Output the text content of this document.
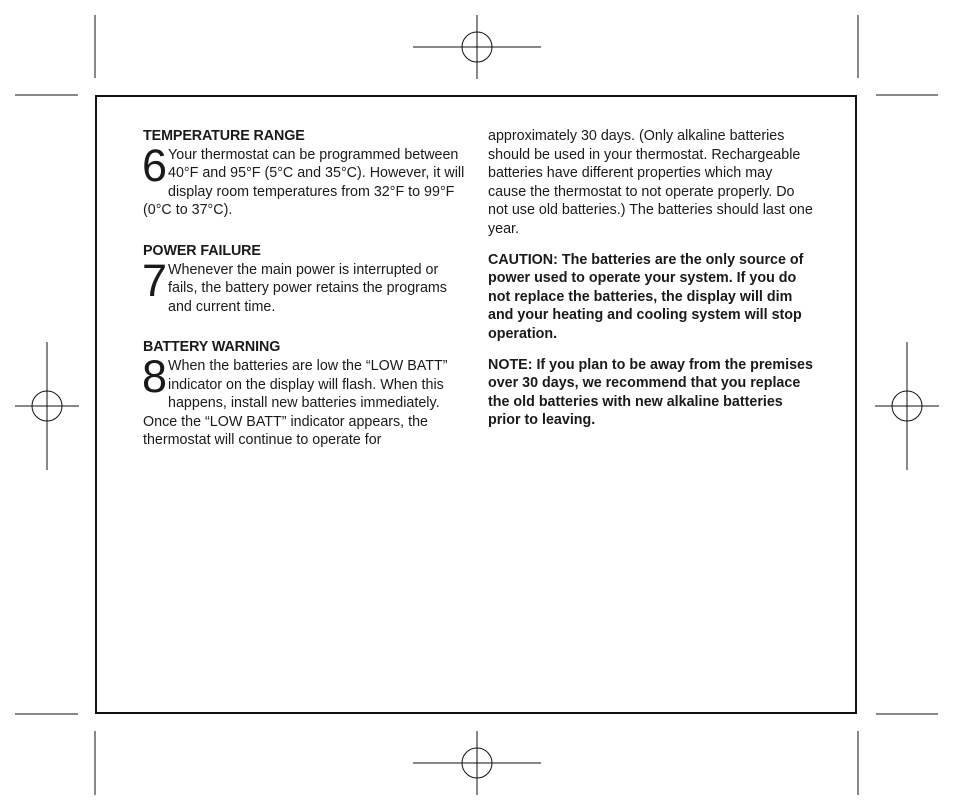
TEMPERATURE RANGE
6 Your thermostat can be programmed between 40°F and 95°F (5°C and 35°C). However, it will display room temperatures from 32°F to 99°F (0°C to 37°C).

POWER FAILURE
7 Whenever the main power is interrupted or fails, the battery power retains the programs and current time.

BATTERY WARNING
8 When the batteries are low the “LOW BATT” indicator on the display will flash. When this happens, install new batteries immediately. Once the “LOW BATT” indicator appears, the thermostat will continue to operate for

approximately 30 days. (Only alkaline batteries should be used in your thermostat. Rechargeable batteries have different properties which may cause the thermostat to not operate properly. Do not use old batteries.) The batteries should last one year.

CAUTION: The batteries are the only source of power used to operate your system. If you do not replace the batteries, the display will dim and your heating and cooling system will stop operation.

NOTE: If you plan to be away from the premises over 30 days, we recommend that you replace the old batteries with new alkaline batteries prior to leaving.
